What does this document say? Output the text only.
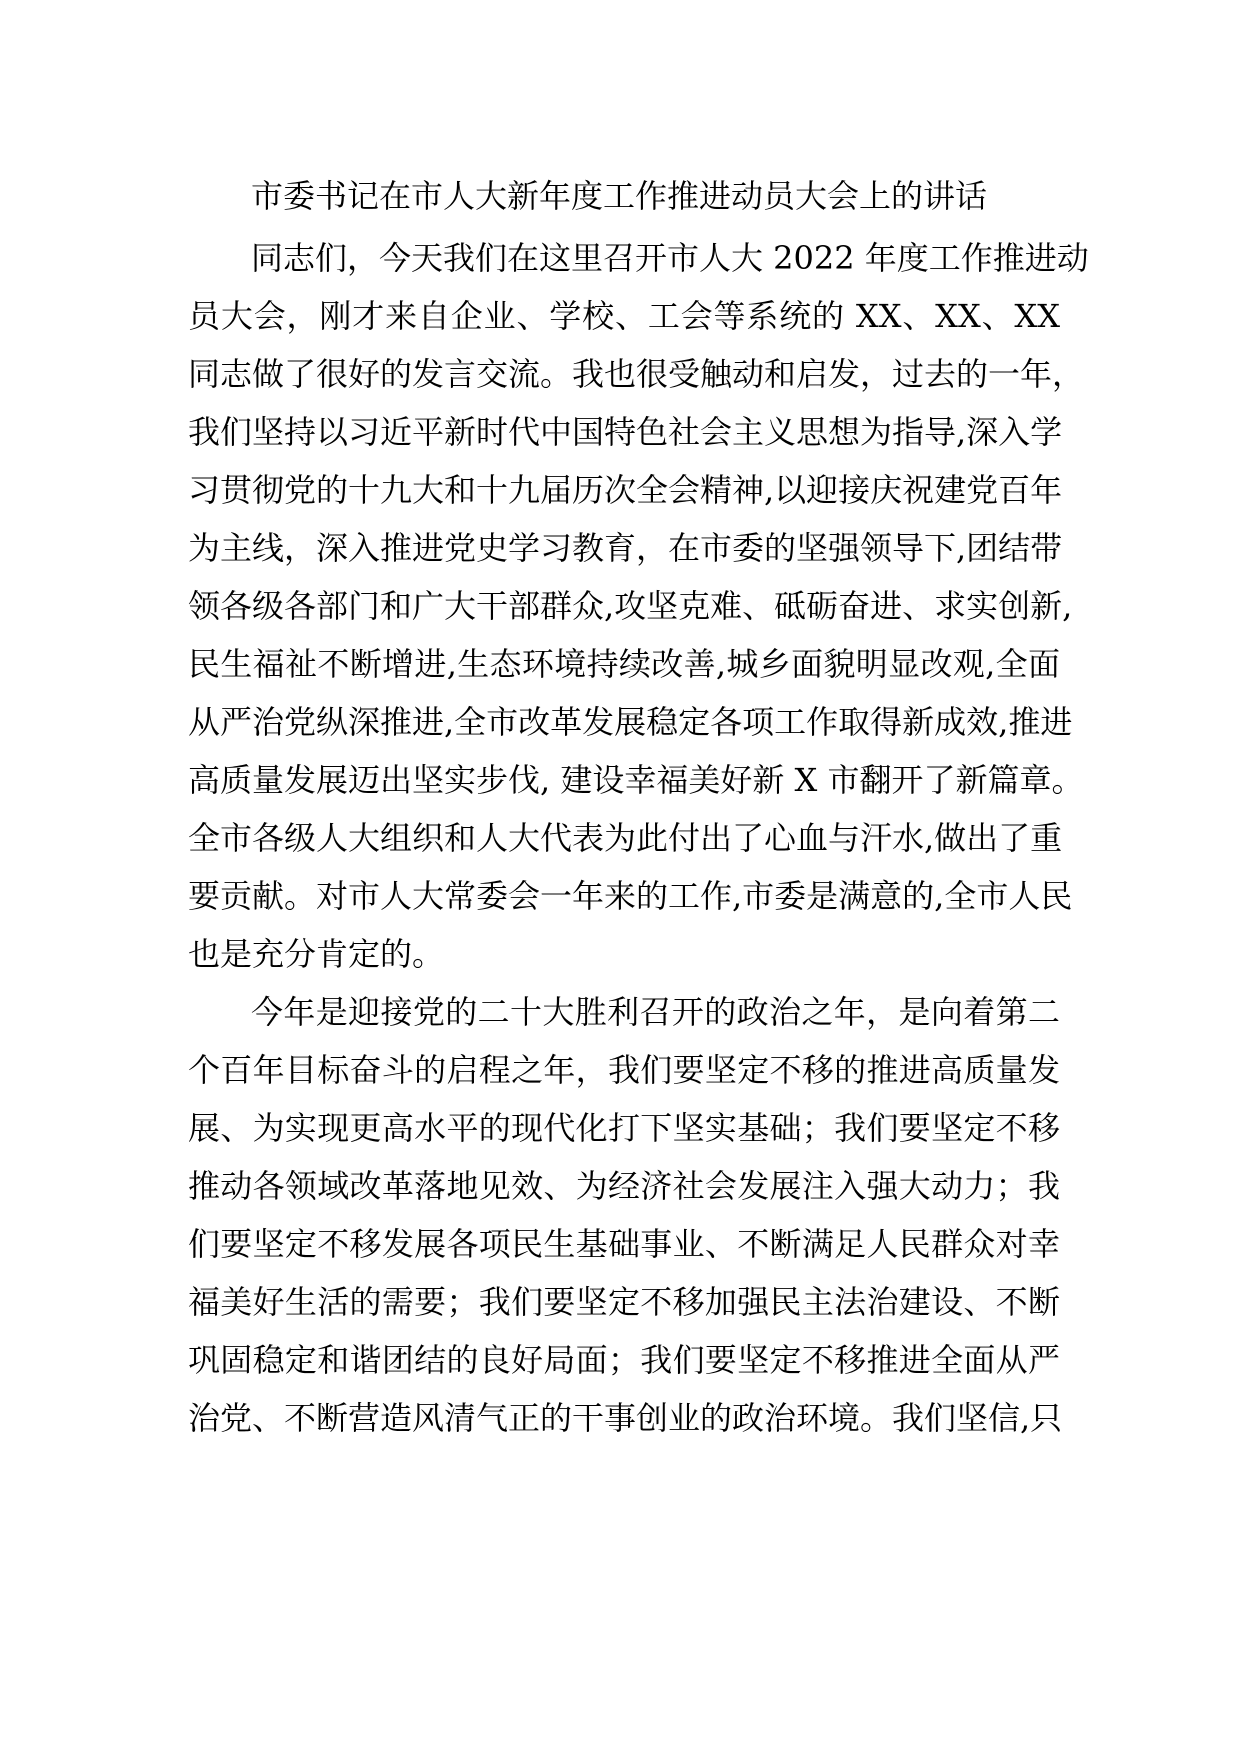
市委书记在市人大新年度工作推进动员大会上的讲话
同志们，今天我们在这里召开市人大 2022 年度工作推进动
员大会，刚才来自企业、学校、工会等系统的 XX、XX、XX
同志做了很好的发言交流。我也很受触动和启发，过去的一年，
我们坚持以习近平新时代中国特色社会主义思想为指导,深入学
习贯彻党的十九大和十九届历次全会精神,以迎接庆祝建党百年
为主线，深入推进党史学习教育，在市委的坚强领导下,团结带
领各级各部门和广大干部群众,攻坚克难、砥砺奋进、求实创新,
民生福祉不断增进,生态环境持续改善,城乡面貌明显改观,全面
从严治党纵深推进,全市改革发展稳定各项工作取得新成效,推进
高质量发展迈出坚实步伐, 建设幸福美好新 X 市翻开了新篇章。
全市各级人大组织和人大代表为此付出了心血与汗水,做出了重
要贡献。对市人大常委会一年来的工作,市委是满意的,全市人民
也是充分肯定的。
今年是迎接党的二十大胜利召开的政治之年，是向着第二
个百年目标奋斗的启程之年，我们要坚定不移的推进高质量发
展、为实现更高水平的现代化打下坚实基础；我们要坚定不移
推动各领域改革落地见效、为经济社会发展注入强大动力；我
们要坚定不移发展各项民生基础事业、不断满足人民群众对幸
福美好生活的需要；我们要坚定不移加强民主法治建设、不断
巩固稳定和谐团结的良好局面；我们要坚定不移推进全面从严
治党、不断营造风清气正的干事创业的政治环境。我们坚信,只
